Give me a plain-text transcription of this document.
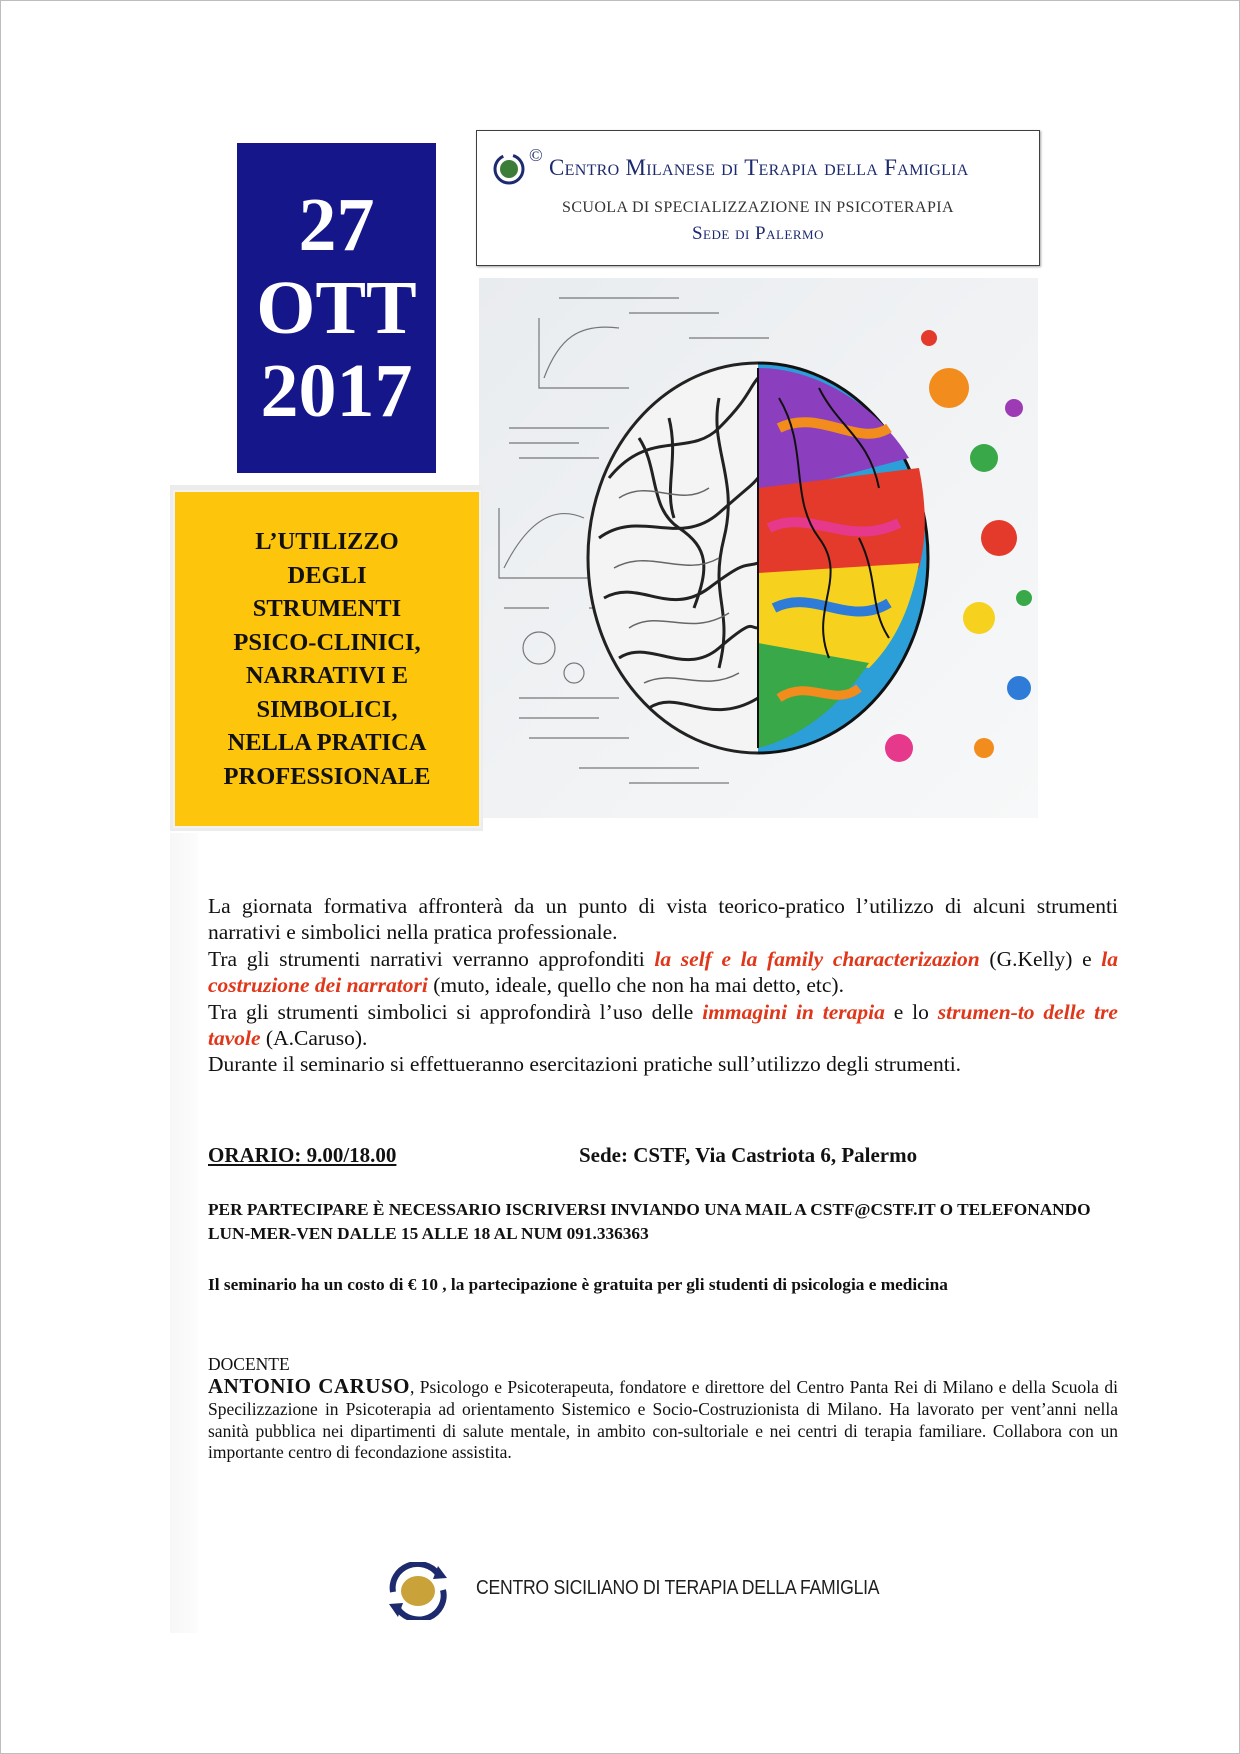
27
OTT
2017
© Centro Milanese di Terapia della Famiglia
SCUOLA DI SPECIALIZZAZIONE IN PSICOTERAPIA
Sede di Palermo
L’UTILIZZO
DEGLI
STRUMENTI
PSICO-CLINICI,
NARRATIVI E
SIMBOLICI,
NELLA PRATICA
PROFESSIONALE
La giornata formativa affronterà da un punto di vista teorico-pratico l’utilizzo di alcuni strumenti narrativi e simbolici nella pratica professionale.
Tra gli strumenti narrativi verranno approfonditi la self e la family characterizazion (G.Kelly) e la costruzione dei narratori (muto, ideale, quello che non ha mai detto, etc).
Tra gli strumenti simbolici si approfondirà l’uso delle immagini in terapia e lo strumen-to delle tre tavole (A.Caruso).
Durante il seminario si effettueranno esercitazioni pratiche sull’utilizzo degli strumenti.
ORARIO: 9.00/18.00	Sede: CSTF, Via Castriota 6, Palermo
PER PARTECIPARE È NECESSARIO ISCRIVERSI INVIANDO UNA MAIL A CSTF@CSTF.IT O TELEFONANDO LUN-MER-VEN DALLE 15 ALLE 18 AL NUM 091.336363
Il seminario ha un costo di € 10 , la partecipazione è gratuita per gli studenti di psicologia e medicina
DOCENTE
ANTONIO CARUSO, Psicologo e Psicoterapeuta, fondatore e direttore del Centro Panta Rei di Milano e della Scuola di Specilizzazione in Psicoterapia ad orientamento Sistemico e Socio-Costruzionista di Milano. Ha lavorato per vent’anni nella sanità pubblica nei dipartimenti di salute mentale, in ambito con-sultoriale e nei centri di terapia familiare. Collabora con un importante centro di fecondazione assistita.
CENTRO SICILIANO DI TERAPIA DELLA FAMIGLIA
